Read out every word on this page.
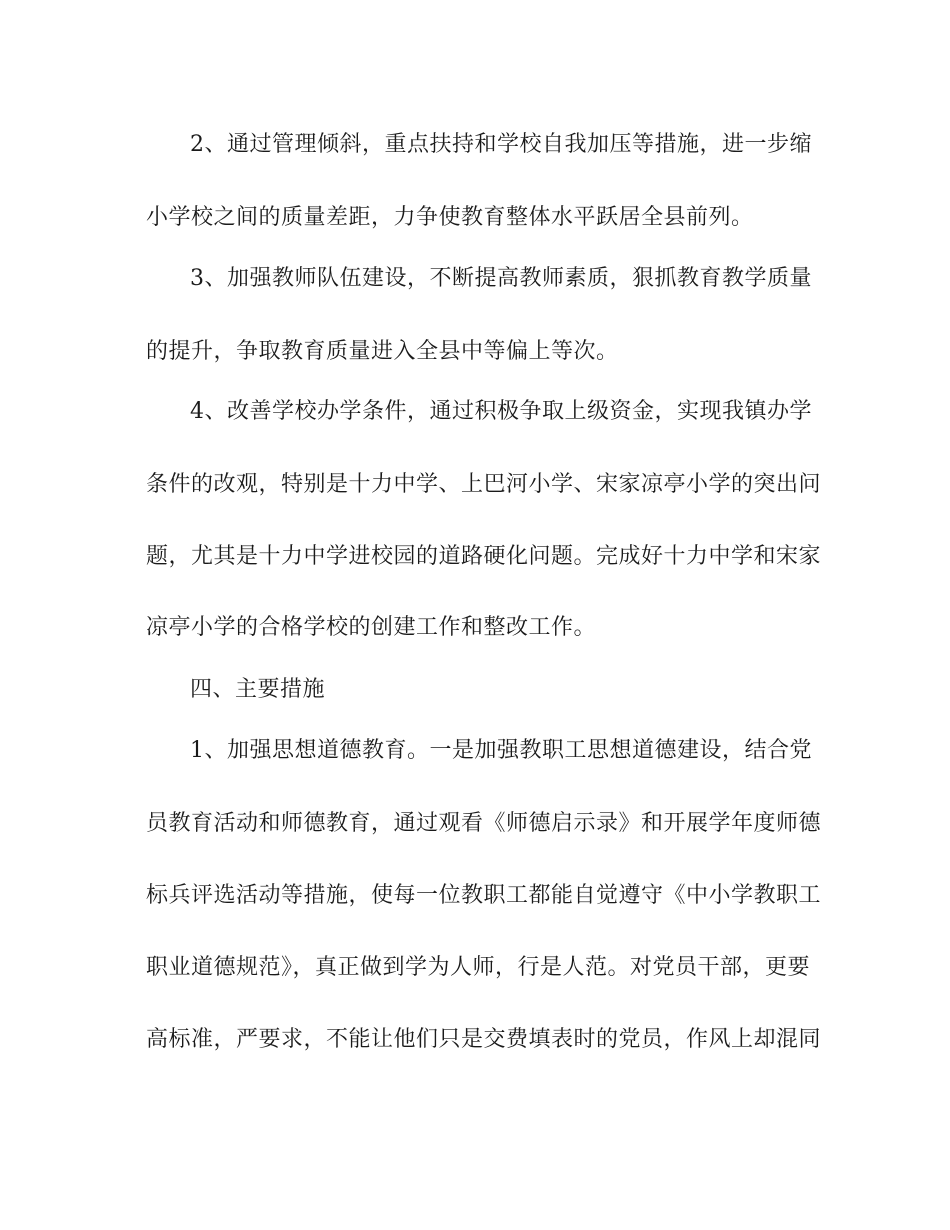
2、通过管理倾斜，重点扶持和学校自我加压等措施，进一步缩
小学校之间的质量差距，力争使教育整体水平跃居全县前列。
3、加强教师队伍建设，不断提高教师素质，狠抓教育教学质量
的提升，争取教育质量进入全县中等偏上等次。
4、改善学校办学条件，通过积极争取上级资金，实现我镇办学
条件的改观，特别是十力中学、上巴河小学、宋家凉亭小学的突出问
题，尤其是十力中学进校园的道路硬化问题。完成好十力中学和宋家
凉亭小学的合格学校的创建工作和整改工作。
四、主要措施
1、加强思想道德教育。一是加强教职工思想道德建设，结合党
员教育活动和师德教育，通过观看《师德启示录》和开展学年度师德
标兵评选活动等措施，使每一位教职工都能自觉遵守《中小学教职工
职业道德规范》，真正做到学为人师，行是人范。对党员干部，更要
高标准，严要求，不能让他们只是交费填表时的党员，作风上却混同
